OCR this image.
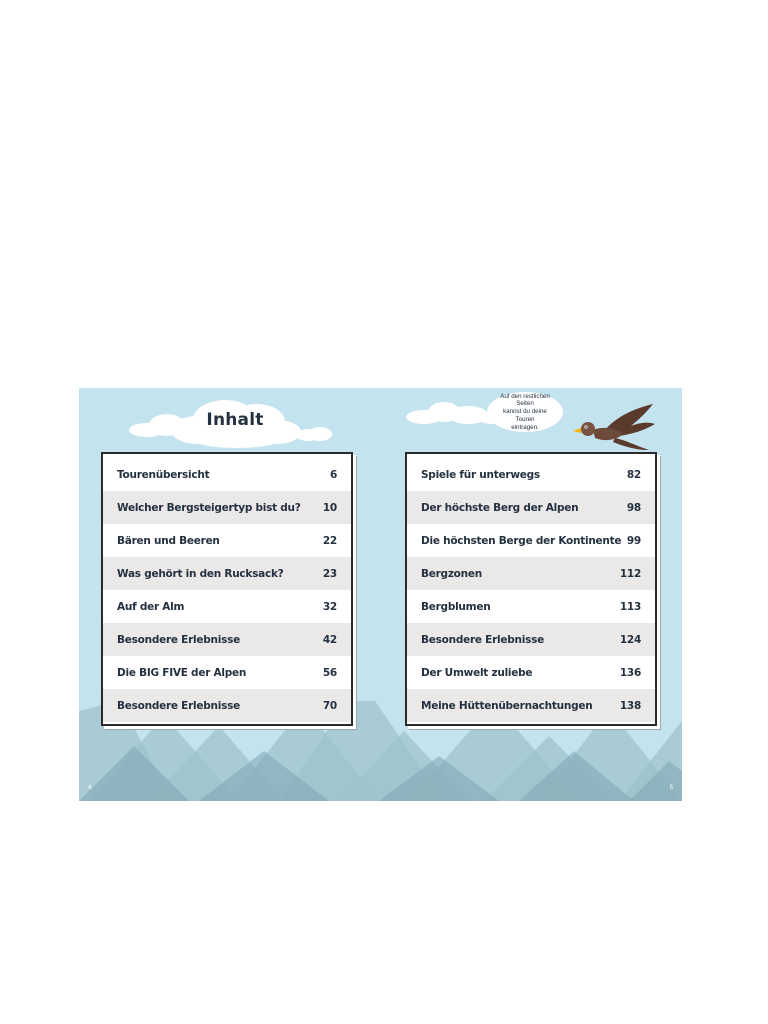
Inhalt
Auf den restlichen Seiten
kannst du deine Touren
eintragen.
Tourenübersicht	6
Welcher Bergsteigertyp bist du? 10
Bären und Beeren	22
Was gehört in den Rucksack?	23
Auf der Alm	32
Besondere Erlebnisse	42
Die BIG FIVE der Alpen	56
Besondere Erlebnisse	70
Spiele für unterwegs	82
Der höchste Berg der Alpen	98
Die höchsten Berge der Kontinente 99
Bergzonen	112
Bergblumen	113
Besondere Erlebnisse	124
Der Umwelt zuliebe	136
Meine Hüttenübernachtungen	138
4	5
